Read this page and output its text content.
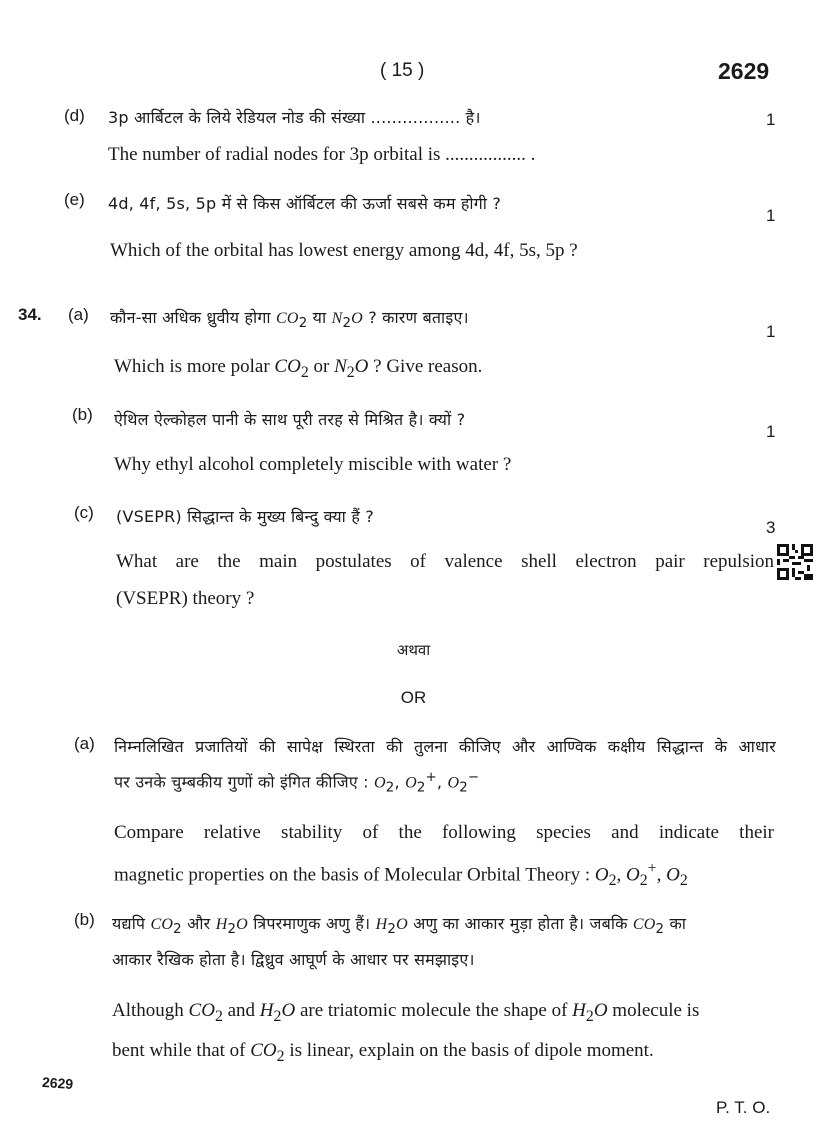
( 15 )	2629
(d) 3p आर्बिटल के लिये रेडियल नोड की संख्या ................. है।	1
The number of radial nodes for 3p orbital is ................. .
(e) 4d, 4f, 5s, 5p में से किस ऑर्बिटल की ऊर्जा सबसे कम होगी ?
1
Which of the orbital has lowest energy among 4d, 4f, 5s, 5p ?
34. (a) कौन-सा अधिक ध्रुवीय होगा $CO_2$ या $N_2O$ ? कारण बताइए।
1
Which is more polar $CO_2$ or $N_2O$ ? Give reason.
(b) ऐथिल ऐल्कोहल पानी के साथ पूरी तरह से मिश्रित है। क्यों ?
1
Why ethyl alcohol completely miscible with water ?
(c) (VSEPR) सिद्धान्त के मुख्य बिन्दु क्या हैं ?
3
What are the main postulates of valence shell electron pair repulsion
(VSEPR) theory ?
अथवा
OR
(a) निम्नलिखित प्रजातियों की सापेक्ष स्थिरता की तुलना कीजिए और आण्विक कक्षीय सिद्धान्त के आधार
पर उनके चुम्बकीय गुणों को इंगित कीजिए : $O_2$, $O_2^+$, $O_2^-$
Compare relative stability of the following species and indicate their
magnetic properties on the basis of Molecular Orbital Theory : $O_2$, $O_2^+$, $O_2$
(b) यद्यपि $CO_2$ और $H_2O$ त्रिपरमाणुक अणु हैं। $H_2O$ अणु का आकार मुड़ा होता है। जबकि $CO_2$ का
आकार रैखिक होता है। द्विध्रुव आघूर्ण के आधार पर समझाइए।
Although $CO_2$ and $H_2O$ are triatomic molecule the shape of $H_2O$ molecule is
bent while that of $CO_2$ is linear, explain on the basis of dipole moment.
2629
P. T. O.
